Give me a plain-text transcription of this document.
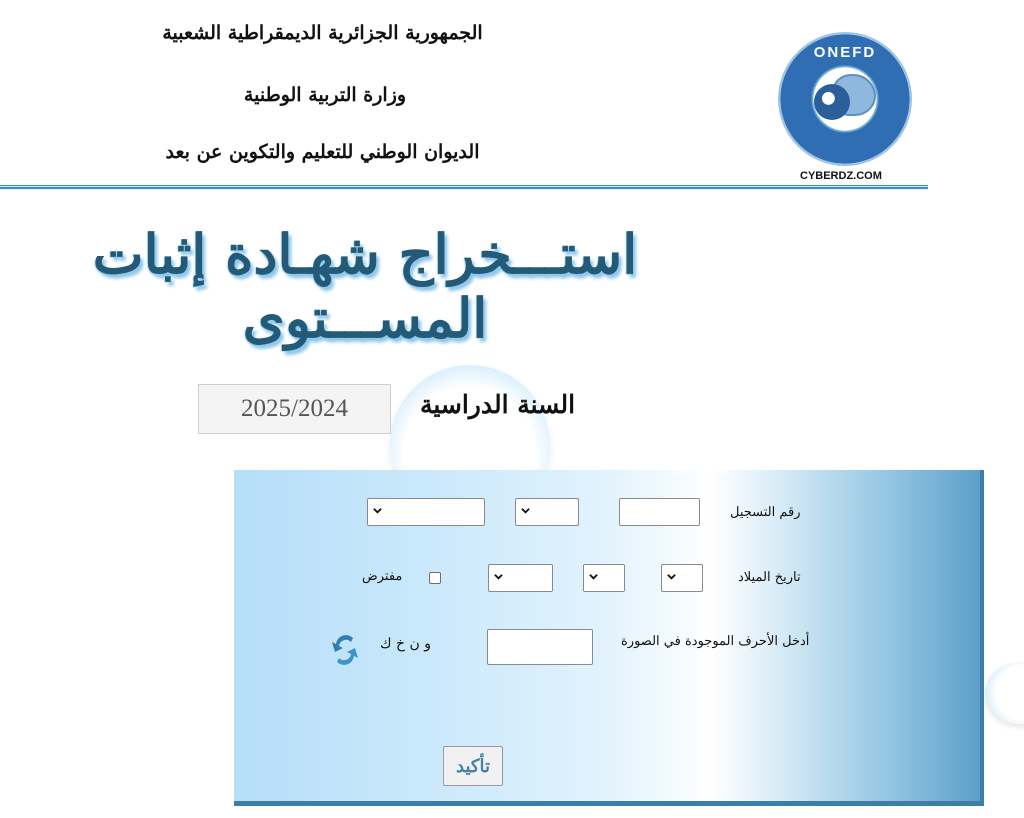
الجمهورية الجزائرية الديمقراطية الشعبية
وزارة التربية الوطنية
الديوان الوطني للتعليم والتكوين عن بعد
ONEFD
CYBERDZ.COM
استـــخراج شهـادة إثبات المســـتوى
السنة الدراسية
2025/2024
رقم التسجيل
تاريخ الميلاد
مفترض
أدخل الأحرف الموجودة في الصورة
و ن خ ك
تأكيد
